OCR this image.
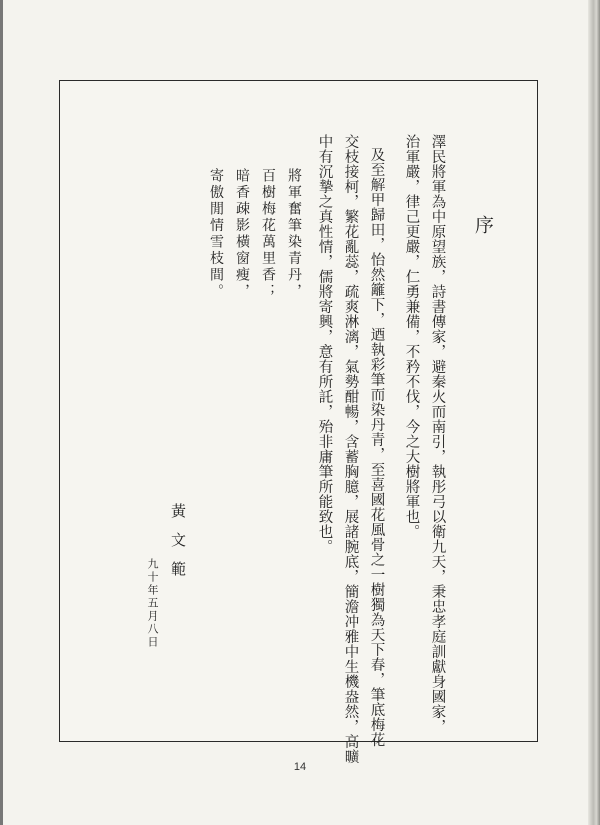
序
澤民將軍為中原望族，詩書傳家，避秦火而南引，執彤弓以衛九天，秉忠孝庭訓獻身國家，
治軍嚴，律己更嚴，仁勇兼備，不矜不伐，今之大樹將軍也。
及至解甲歸田，怡然籬下，迺執彩筆而染丹青，至喜國花風骨之一樹獨為天下春，筆底梅花
交枝接柯，繁花亂蕊，疏爽淋漓，氣勢酣暢，含蓄胸臆，展諸腕底，簡澹冲雅中生機盎然，高曠
中有沉摯之真性情，儒將寄興，意有所託，殆非庸筆所能致也。
將軍奮筆染青丹，
百樹梅花萬里香；
暗香疎影橫窗瘦，
寄傲閒情雪枝間。
黃文範
九十年五月八日
14
